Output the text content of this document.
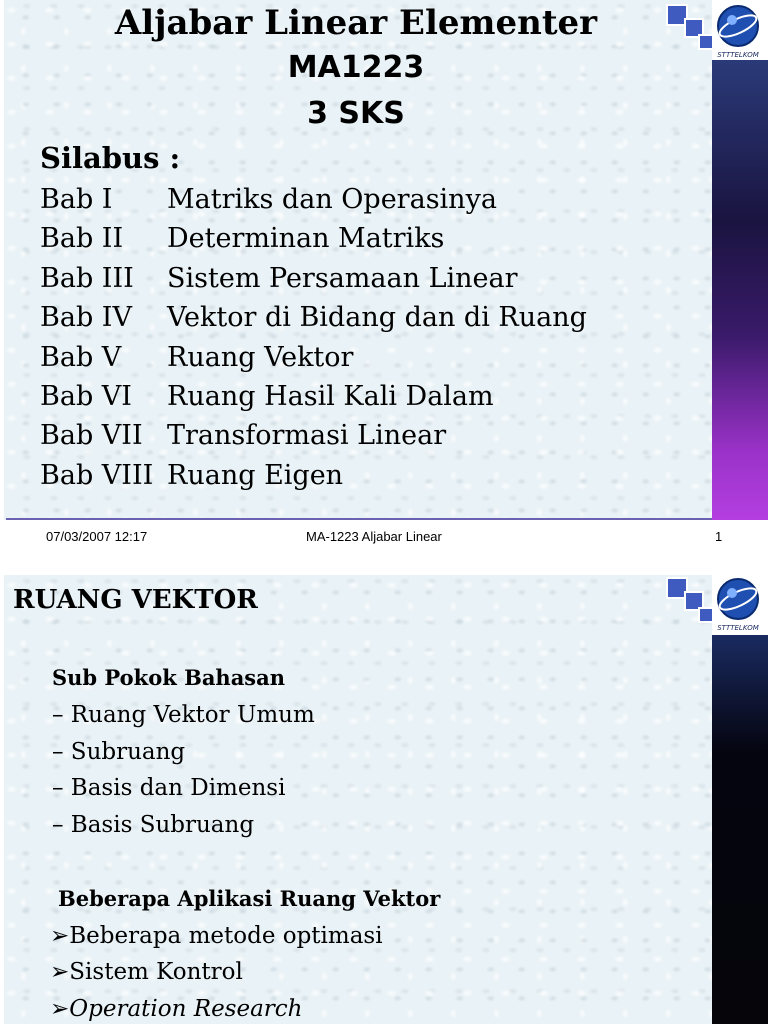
STTTELKOM
Aljabar Linear Elementer
MA1223
3 SKS
Silabus :
Bab I Matriks dan Operasinya
Bab II Determinan Matriks
Bab III Sistem Persamaan Linear
Bab IV Vektor di Bidang dan di Ruang
Bab V Ruang Vektor
Bab VI Ruang Hasil Kali Dalam
Bab VII Transformasi Linear
Bab VIII Ruang Eigen
07/03/2007 12:17	MA-1223 Aljabar Linear	1
STTTELKOM
RUANG VEKTOR
Sub Pokok Bahasan
– Ruang Vektor Umum
– Subruang
– Basis dan Dimensi
– Basis Subruang
Beberapa Aplikasi Ruang Vektor
➢Beberapa metode optimasi
➢Sistem Kontrol
➢Operation Research
